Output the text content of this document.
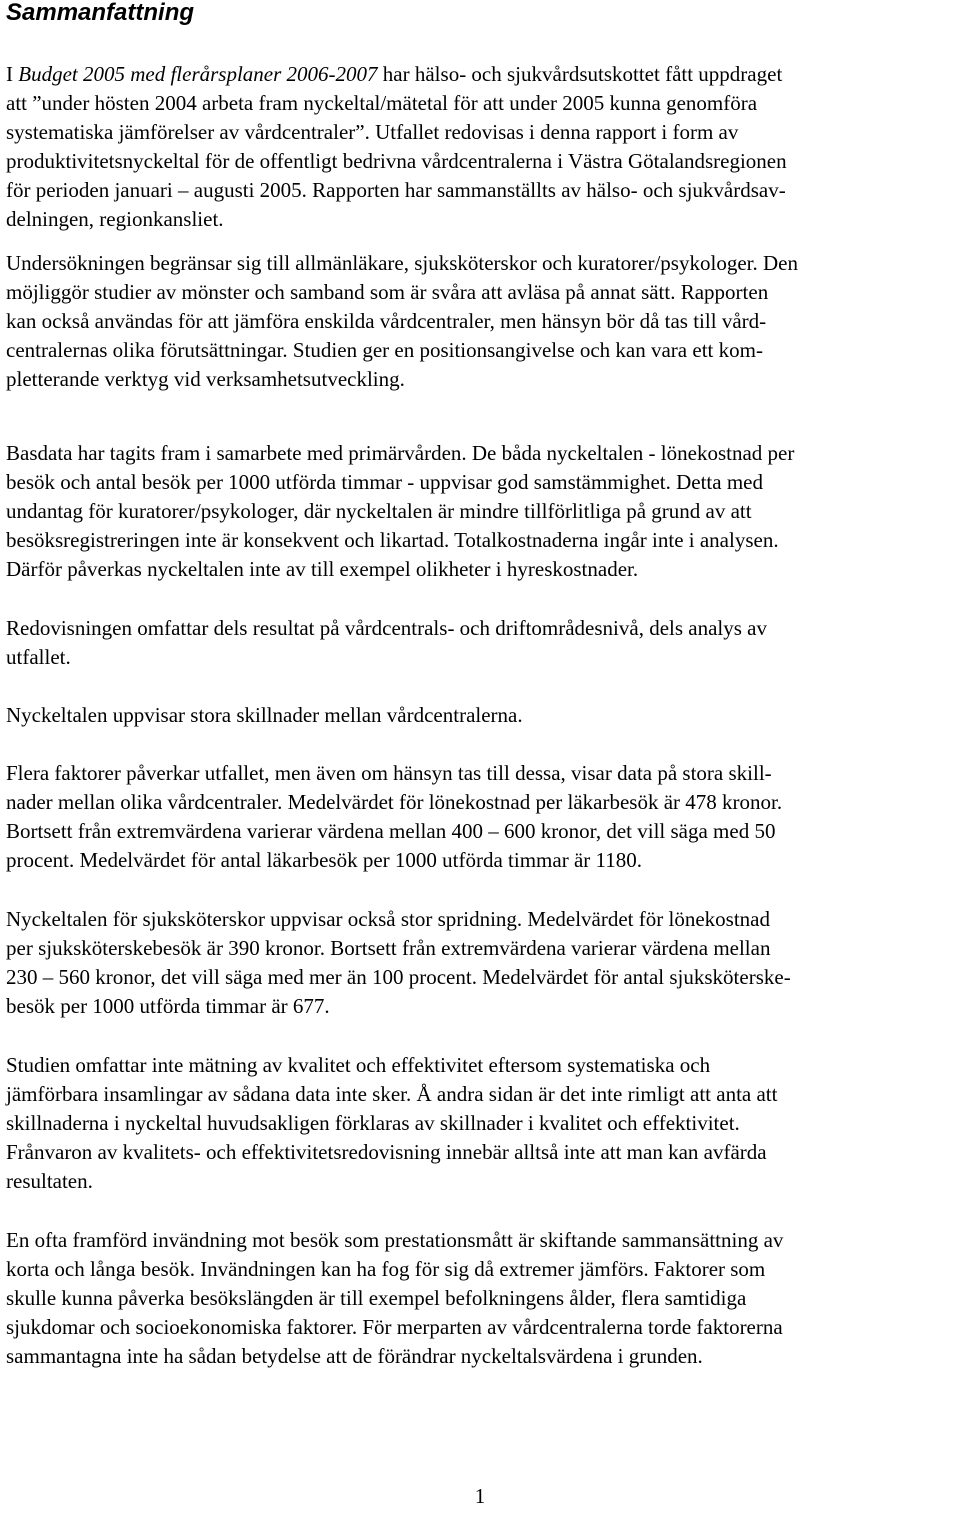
Sammanfattning
I Budget 2005 med flerårsplaner 2006-2007 har hälso- och sjukvårdsutskottet fått uppdraget
att ”under hösten 2004 arbeta fram nyckeltal/mätetal för att under 2005 kunna genomföra
systematiska jämförelser av vårdcentraler”. Utfallet redovisas i denna rapport i form av
produktivitetsnyckeltal för de offentligt bedrivna vårdcentralerna i Västra Götalandsregionen
för perioden januari – augusti 2005. Rapporten har sammanställts av hälso- och sjukvårdsav-
delningen, regionkansliet.
Undersökningen begränsar sig till allmänläkare, sjuksköterskor och kuratorer/psykologer. Den
möjliggör studier av mönster och samband som är svåra att avläsa på annat sätt. Rapporten
kan också användas för att jämföra enskilda vårdcentraler, men hänsyn bör då tas till vård-
centralernas olika förutsättningar. Studien ger en positionsangivelse och kan vara ett kom-
pletterande verktyg vid verksamhetsutveckling.
Basdata har tagits fram i samarbete med primärvården. De båda nyckeltalen - lönekostnad per
besök och antal besök per 1000 utförda timmar - uppvisar god samstämmighet. Detta med
undantag för kuratorer/psykologer, där nyckeltalen är mindre tillförlitliga på grund av att
besöksregistreringen inte är konsekvent och likartad. Totalkostnaderna ingår inte i analysen.
Därför påverkas nyckeltalen inte av till exempel olikheter i hyreskostnader.
Redovisningen omfattar dels resultat på vårdcentrals- och driftområdesnivå, dels analys av
utfallet.
Nyckeltalen uppvisar stora skillnader mellan vårdcentralerna.
Flera faktorer påverkar utfallet, men även om hänsyn tas till dessa, visar data på stora skill-
nader mellan olika vårdcentraler. Medelvärdet för lönekostnad per läkarbesök är 478 kronor.
Bortsett från extremvärdena varierar värdena mellan 400 – 600 kronor, det vill säga med 50
procent. Medelvärdet för antal läkarbesök per 1000 utförda timmar är 1180.
Nyckeltalen för sjuksköterskor uppvisar också stor spridning. Medelvärdet för lönekostnad
per sjuksköterskebesök är 390 kronor. Bortsett från extremvärdena varierar värdena mellan
230 – 560 kronor, det vill säga med mer än 100 procent. Medelvärdet för antal sjuksköterske-
besök per 1000 utförda timmar är 677.
Studien omfattar inte mätning av kvalitet och effektivitet eftersom systematiska och
jämförbara insamlingar av sådana data inte sker. Å andra sidan är det inte rimligt att anta att
skillnaderna i nyckeltal huvudsakligen förklaras av skillnader i kvalitet och effektivitet.
Frånvaron av kvalitets- och effektivitetsredovisning innebär alltså inte att man kan avfärda
resultaten.
En ofta framförd invändning mot besök som prestationsmått är skiftande sammansättning av
korta och långa besök. Invändningen kan ha fog för sig då extremer jämförs. Faktorer som
skulle kunna påverka besökslängden är till exempel befolkningens ålder, flera samtidiga
sjukdomar och socioekonomiska faktorer. För merparten av vårdcentralerna torde faktorerna
sammantagna inte ha sådan betydelse att de förändrar nyckeltalsvärdena i grunden.
1
